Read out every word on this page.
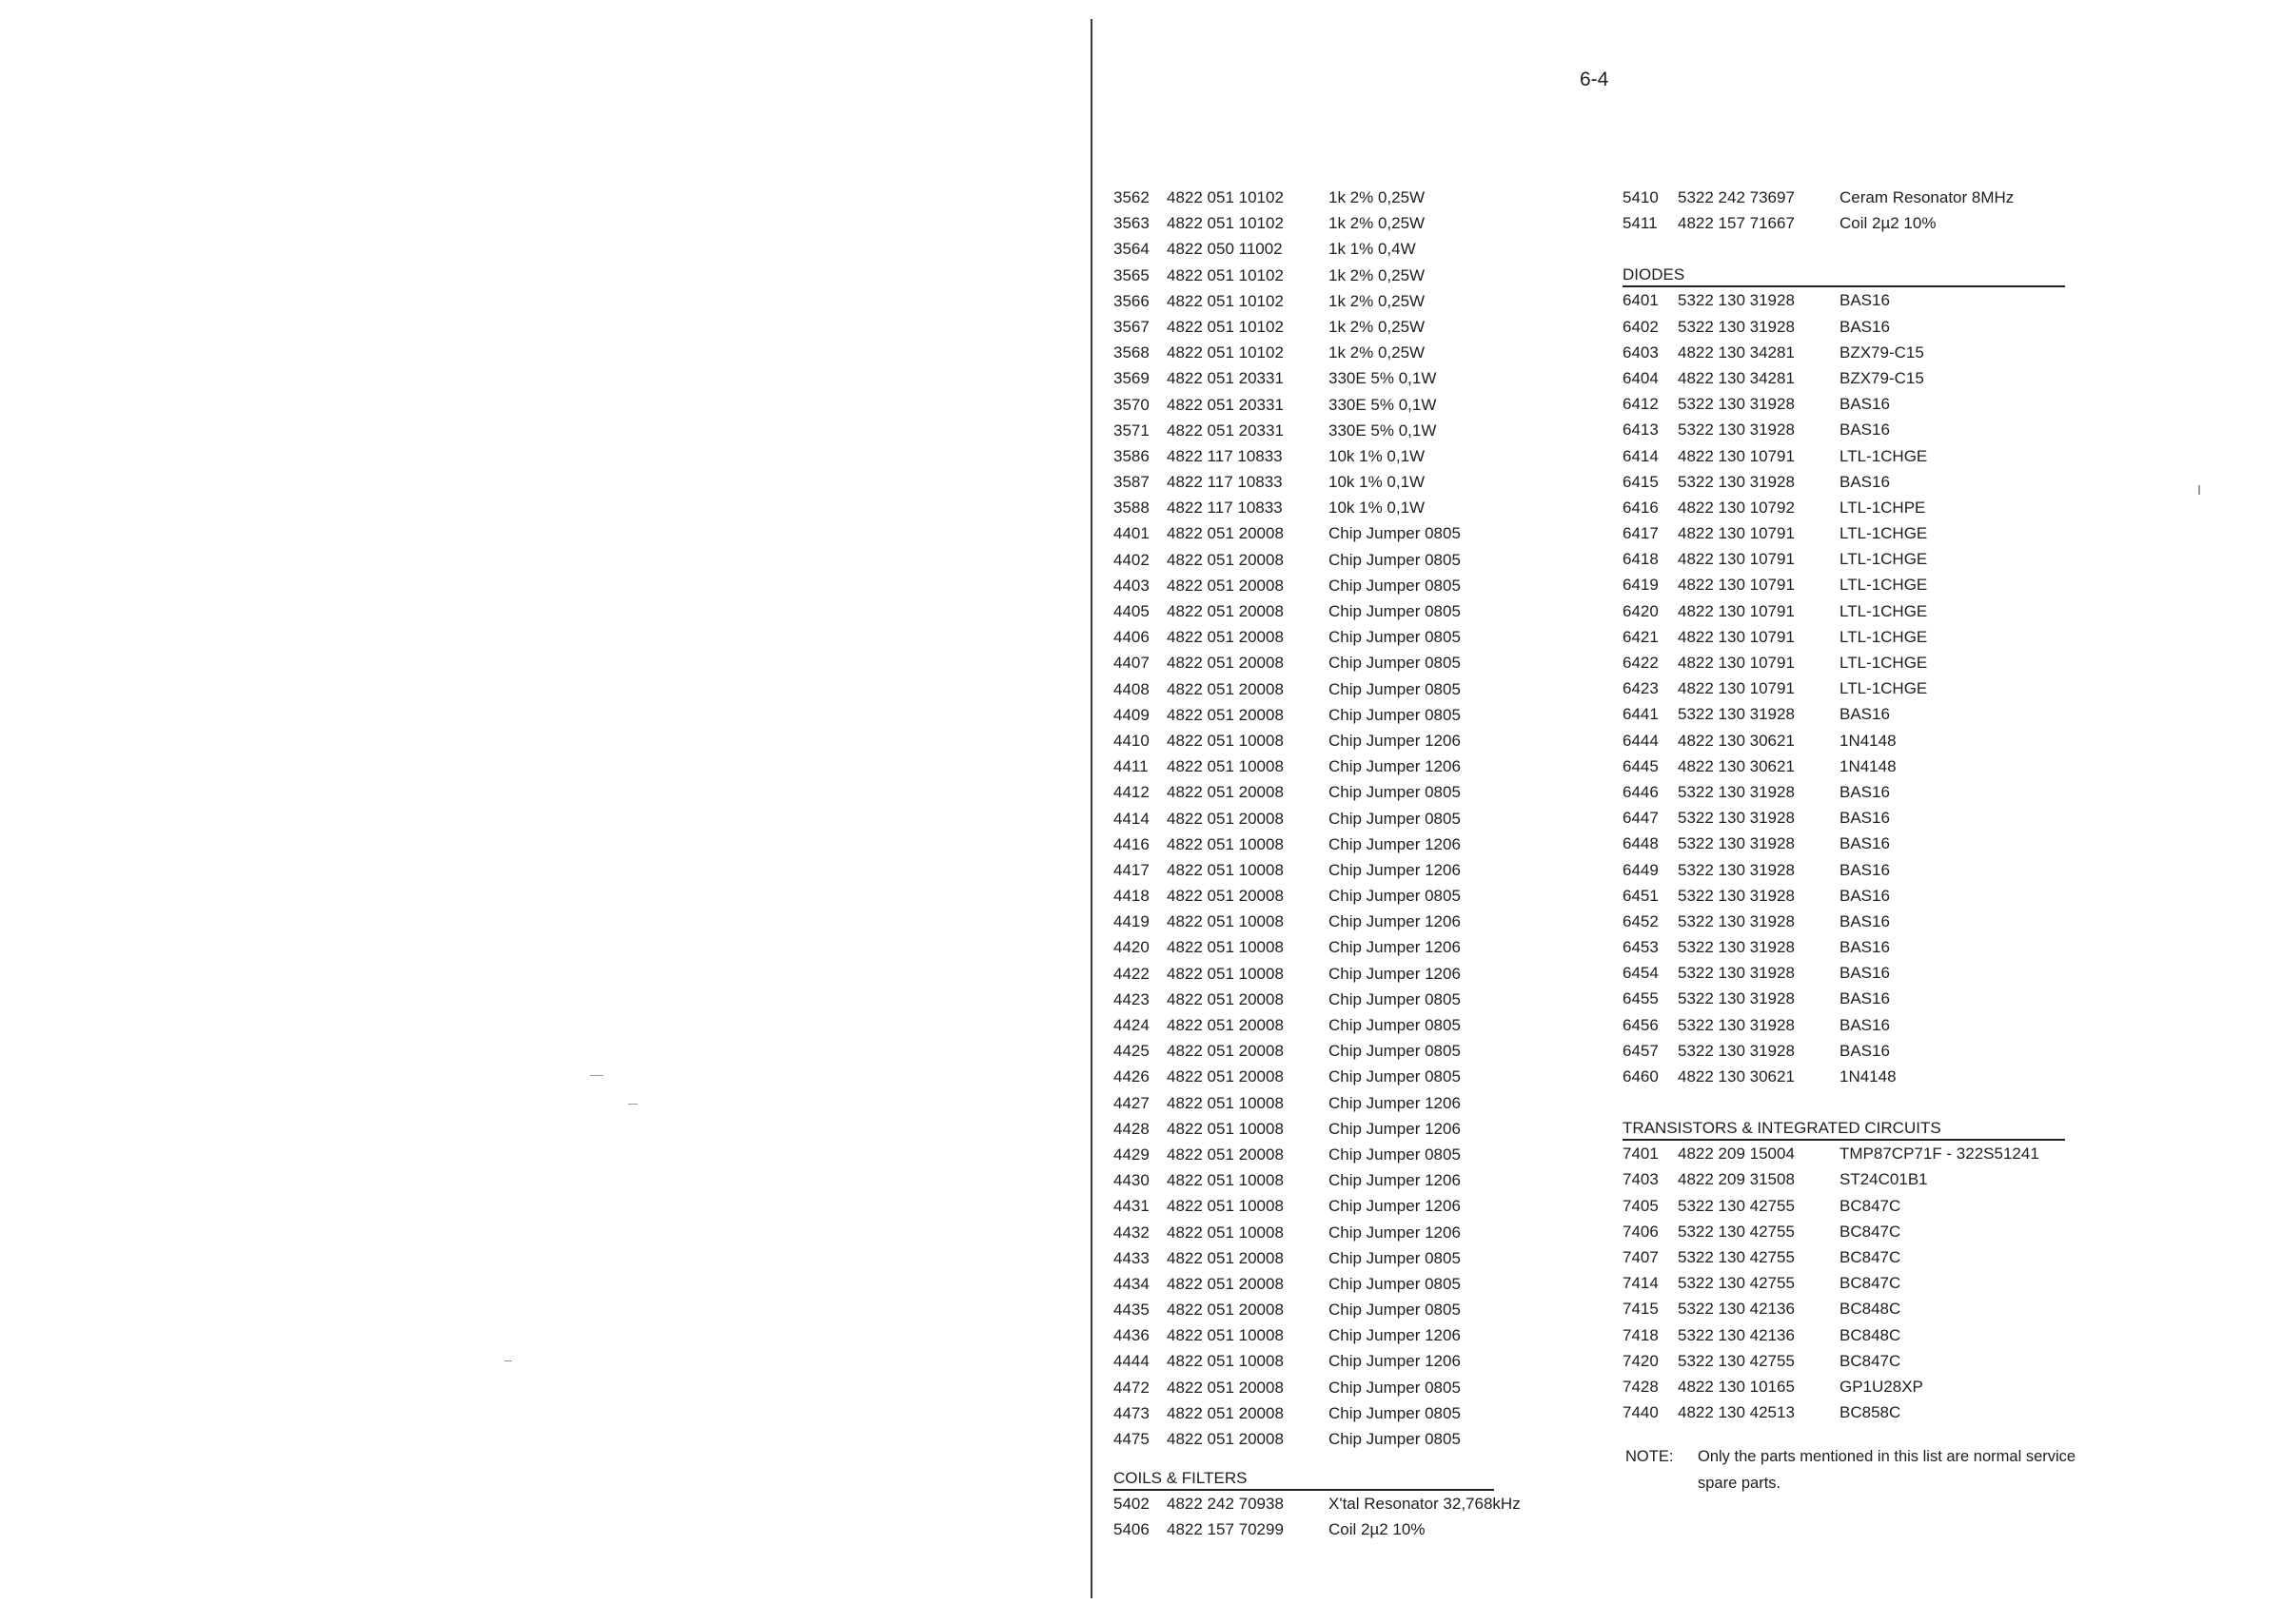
6-4
3562	4822 051 10102	1k 2% 0,25W
3563	4822 051 10102	1k 2% 0,25W
3564	4822 050 11002	1k 1% 0,4W
3565	4822 051 10102	1k 2% 0,25W
3566	4822 051 10102	1k 2% 0,25W
3567	4822 051 10102	1k 2% 0,25W
3568	4822 051 10102	1k 2% 0,25W
3569	4822 051 20331	330E 5% 0,1W
3570	4822 051 20331	330E 5% 0,1W
3571	4822 051 20331	330E 5% 0,1W
3586	4822 117 10833	10k 1% 0,1W
3587	4822 117 10833	10k 1% 0,1W
3588	4822 117 10833	10k 1% 0,1W
4401	4822 051 20008	Chip Jumper 0805
4402	4822 051 20008	Chip Jumper 0805
4403	4822 051 20008	Chip Jumper 0805
4405	4822 051 20008	Chip Jumper 0805
4406	4822 051 20008	Chip Jumper 0805
4407	4822 051 20008	Chip Jumper 0805
4408	4822 051 20008	Chip Jumper 0805
4409	4822 051 20008	Chip Jumper 0805
4410	4822 051 10008	Chip Jumper 1206
4411	4822 051 10008	Chip Jumper 1206
4412	4822 051 20008	Chip Jumper 0805
4414	4822 051 20008	Chip Jumper 0805
4416	4822 051 10008	Chip Jumper 1206
4417	4822 051 10008	Chip Jumper 1206
4418	4822 051 20008	Chip Jumper 0805
4419	4822 051 10008	Chip Jumper 1206
4420	4822 051 10008	Chip Jumper 1206
4422	4822 051 10008	Chip Jumper 1206
4423	4822 051 20008	Chip Jumper 0805
4424	4822 051 20008	Chip Jumper 0805
4425	4822 051 20008	Chip Jumper 0805
4426	4822 051 20008	Chip Jumper 0805
4427	4822 051 10008	Chip Jumper 1206
4428	4822 051 10008	Chip Jumper 1206
4429	4822 051 20008	Chip Jumper 0805
4430	4822 051 10008	Chip Jumper 1206
4431	4822 051 10008	Chip Jumper 1206
4432	4822 051 10008	Chip Jumper 1206
4433	4822 051 20008	Chip Jumper 0805
4434	4822 051 20008	Chip Jumper 0805
4435	4822 051 20008	Chip Jumper 0805
4436	4822 051 10008	Chip Jumper 1206
4444	4822 051 10008	Chip Jumper 1206
4472	4822 051 20008	Chip Jumper 0805
4473	4822 051 20008	Chip Jumper 0805
4475	4822 051 20008	Chip Jumper 0805
COILS & FILTERS
5402	4822 242 70938	X'tal Resonator 32,768kHz
5406	4822 157 70299	Coil 2µ2 10%
5410	5322 242 73697	Ceram Resonator 8MHz
5411	4822 157 71667	Coil 2µ2 10%
DIODES
6401	5322 130 31928	BAS16
6402	5322 130 31928	BAS16
6403	4822 130 34281	BZX79-C15
6404	4822 130 34281	BZX79-C15
6412	5322 130 31928	BAS16
6413	5322 130 31928	BAS16
6414	4822 130 10791	LTL-1CHGE
6415	5322 130 31928	BAS16
6416	4822 130 10792	LTL-1CHPE
6417	4822 130 10791	LTL-1CHGE
6418	4822 130 10791	LTL-1CHGE
6419	4822 130 10791	LTL-1CHGE
6420	4822 130 10791	LTL-1CHGE
6421	4822 130 10791	LTL-1CHGE
6422	4822 130 10791	LTL-1CHGE
6423	4822 130 10791	LTL-1CHGE
6441	5322 130 31928	BAS16
6444	4822 130 30621	1N4148
6445	4822 130 30621	1N4148
6446	5322 130 31928	BAS16
6447	5322 130 31928	BAS16
6448	5322 130 31928	BAS16
6449	5322 130 31928	BAS16
6451	5322 130 31928	BAS16
6452	5322 130 31928	BAS16
6453	5322 130 31928	BAS16
6454	5322 130 31928	BAS16
6455	5322 130 31928	BAS16
6456	5322 130 31928	BAS16
6457	5322 130 31928	BAS16
6460	4822 130 30621	1N4148
TRANSISTORS & INTEGRATED CIRCUITS
7401	4822 209 15004	TMP87CP71F - 322S51241
7403	4822 209 31508	ST24C01B1
7405	5322 130 42755	BC847C
7406	5322 130 42755	BC847C
7407	5322 130 42755	BC847C
7414	5322 130 42755	BC847C
7415	5322 130 42136	BC848C
7418	5322 130 42136	BC848C
7420	5322 130 42755	BC847C
7428	4822 130 10165	GP1U28XP
7440	4822 130 42513	BC858C
NOTE:	Only the parts mentioned in this list are normal service spare parts.
